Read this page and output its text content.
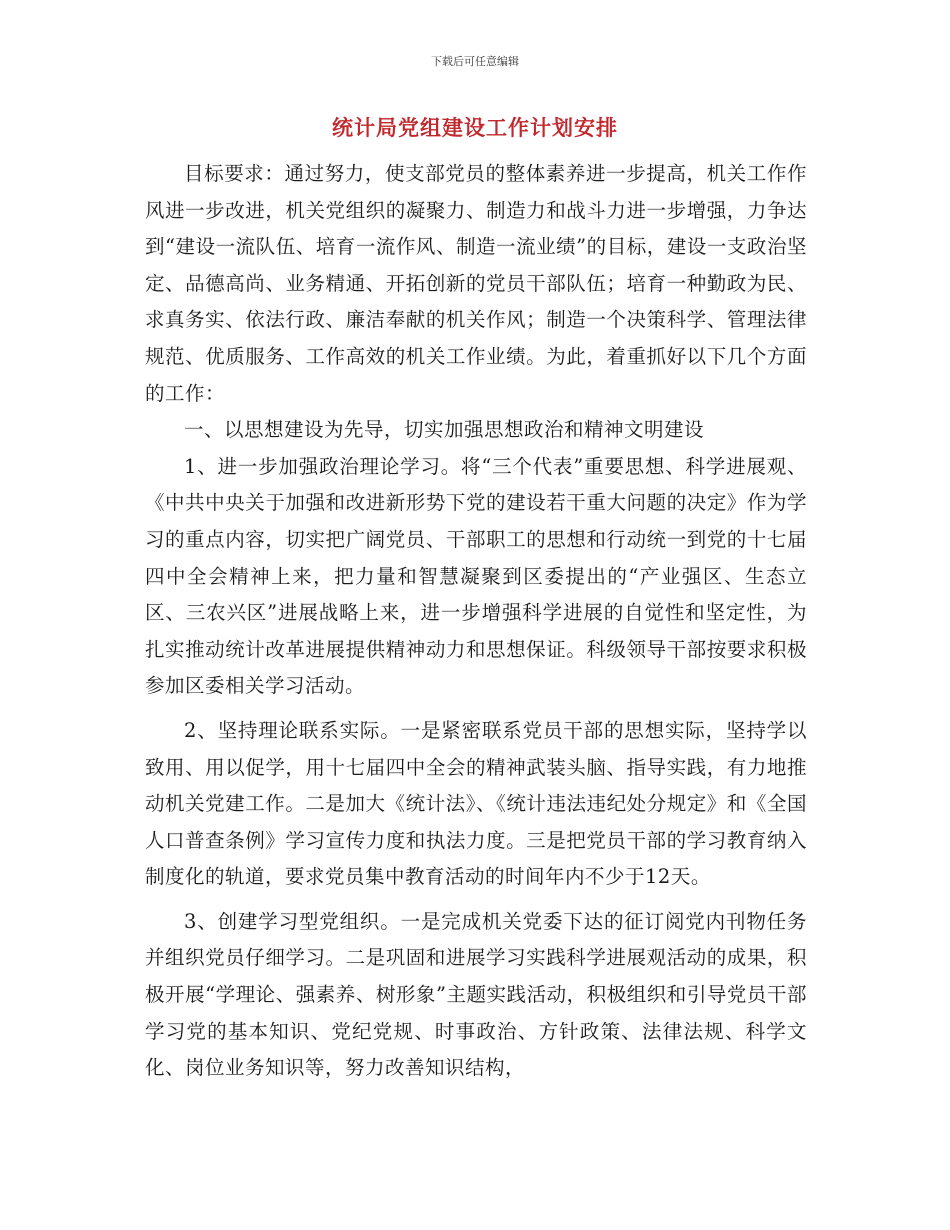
下载后可任意编辑
统计局党组建设工作计划安排

目标要求：通过努力，使支部党员的整体素养进一步提高，机关工作作风进一步改进，机关党组织的凝聚力、制造力和战斗力进一步增强，力争达到“建设一流队伍、培育一流作风、制造一流业绩”的目标，建设一支政治坚定、品德高尚、业务精通、开拓创新的党员干部队伍；培育一种勤政为民、求真务实、依法行政、廉洁奉献的机关作风；制造一个决策科学、管理法律规范、优质服务、工作高效的机关工作业绩。为此，着重抓好以下几个方面的工作：

一、以思想建设为先导，切实加强思想政治和精神文明建设

1、进一步加强政治理论学习。将“三个代表”重要思想、科学进展观、《中共中央关于加强和改进新形势下党的建设若干重大问题的决定》作为学习的重点内容，切实把广阔党员、干部职工的思想和行动统一到党的十七届四中全会精神上来，把力量和智慧凝聚到区委提出的“产业强区、生态立区、三农兴区”进展战略上来，进一步增强科学进展的自觉性和坚定性，为扎实推动统计改革进展提供精神动力和思想保证。科级领导干部按要求积极参加区委相关学习活动。

2、坚持理论联系实际。一是紧密联系党员干部的思想实际，坚持学以致用、用以促学，用十七届四中全会的精神武装头脑、指导实践，有力地推动机关党建工作。二是加大《统计法》、《统计违法违纪处分规定》和《全国人口普查条例》学习宣传力度和执法力度。三是把党员干部的学习教育纳入制度化的轨道，要求党员集中教育活动的时间年内不少于12天。

3、创建学习型党组织。一是完成机关党委下达的征订阅党内刊物任务并组织党员仔细学习。二是巩固和进展学习实践科学进展观活动的成果，积极开展“学理论、强素养、树形象”主题实践活动，积极组织和引导党员干部学习党的基本知识、党纪党规、时事政治、方针政策、法律法规、科学文化、岗位业务知识等，努力改善知识结构，
